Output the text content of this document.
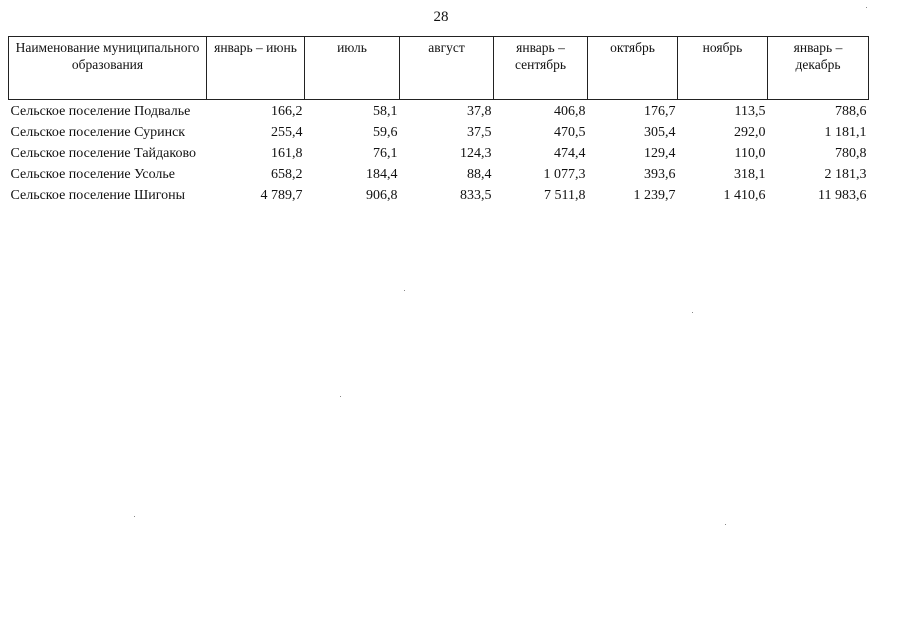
28
Наименование муниципального образования	январь – июнь	июль	август	январь – сентябрь	октябрь	ноябрь	январь – декабрь
Сельское поселение Подвалье	166,2	58,1	37,8	406,8	176,7	113,5	788,6
Сельское поселение Суринск	255,4	59,6	37,5	470,5	305,4	292,0	1 181,1
Сельское поселение Тайдаково	161,8	76,1	124,3	474,4	129,4	110,0	780,8
Сельское поселение Усолье	658,2	184,4	88,4	1 077,3	393,6	318,1	2 181,3
Сельское поселение Шигоны	4 789,7	906,8	833,5	7 511,8	1 239,7	1 410,6	11 983,6
